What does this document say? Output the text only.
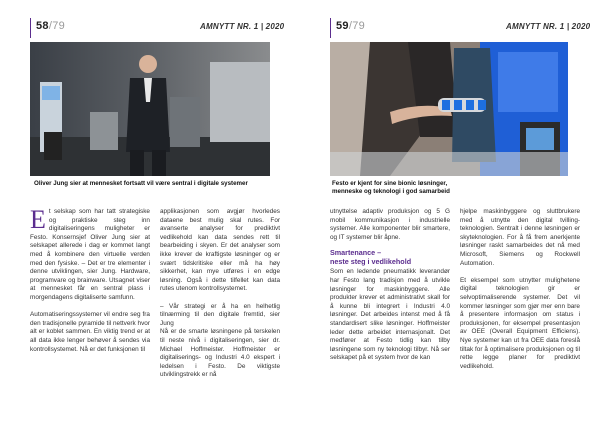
58/79	AMNYTT NR. 1 | 2020
Oliver Jung sier at mennesket fortsatt vil være sentral i digitale systemer

Et selskap som har tatt strategiske og praktiske steg inn digitaliseringens muligheter er Festo. Konsernsjef Oliver Jung sier at selskapet allerede i dag er kommet langt med å kombinere den virtuelle verden med den fysiske. – Det er tre elementer i denne utviklingen, sier Jung. Hardware, programvare og brainware. Utsagnet viser at mennesket får en sentral plass i morgendagens digitaliserte samfunn.

Automatiseringssystemer vil endre seg fra den tradisjonelle pyramide til nettverk hvor alt er koblet sammen. En viktig trend er at all data ikke lenger behøver å sendes via kontrollsystemet. Nå er det funksjonen til

applikasjonen som avgjør hvorledes dataene best mulig skal rutes. For avanserte analyser for prediktivt vedlikehold kan data sendes rett til bearbeiding i skyen. Er det analyser som ikke krever de kraftigste løsninger og er svært tidskritiske eller må ha høy sikkerhet, kan mye utføres i en edge løsning. Også i dette tilfellet kan data rutes utenom kontrollsystemet.

– Vår strategi er å ha en helhetlig tilnærming til den digitale fremtid, sier Jung

Nå er de smarte løsningene på terskelen til neste nivå i digitaliseringen, sier dr. Michael Hoffmeister. Hoffmeister er digitaliserings- og Industri 4.0 ekspert i ledelsen i Festo. De viktigste utviklingstrekk er nå

59/79	AMNYTT NR. 1 | 2020
Festo er kjent for sine bionic løsninger,
menneske og teknologi i god samarbeid

utnyttelse adaptiv produksjon og 5 G mobil kommunikasjon i industrielle systemer. Alle komponenter blir smartere, og IT systemer blir åpne.

Smartenance –
neste steg i vedlikehold

Som en ledende pneumatikk leverandør har Festo lang tradisjon med å utvikle løsninger for maskinbyggere. Alle produkter krever et administrativt skall for å kunne bli integrert i Industri 4.0 løsninger. Det arbeides intenst med å få standardisert slike løsninger. Hoffmeister leder dette arbeidet internasjonalt. Det medfører at Festo tidlig kan tilby løsningene som ny teknologi tilbyr. Nå ser selskapet på et system hvor de kan

hjelpe maskinbyggere og sluttbrukere med å utnytte den digital tvilling-teknologien. Sentralt i denne løsningen er skyteknologien. For å få frem anerkjente løsninger raskt samarbeides det nå med Microsoft, Siemens og Rockwell Automation.

Et eksempel som utnytter mulighetene digital teknologien gir er selvoptimaliserende systemer. Det vil kommer løsninger som gjør mer enn bare å presentere informasjon om status i produksjonen, for eksempel presentasjon av OEE (Overall Equipment Efficiens). Nye systemer kan ut fra OEE data foreslå tiltak for å optimalisere produksjonen og til rette legge planer for prediktivt vedlikehold.
